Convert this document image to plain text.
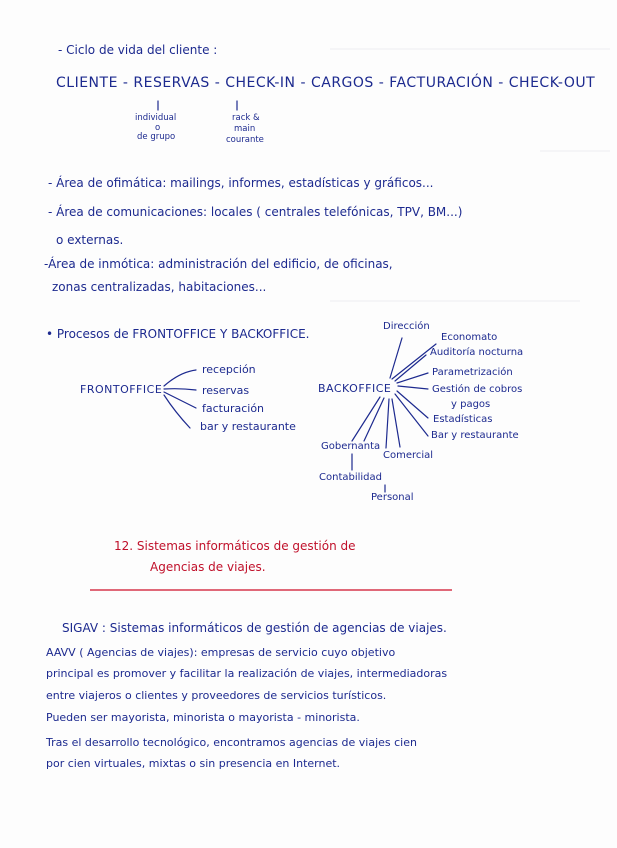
- Ciclo de vida del cliente :
CLIENTE - RESERVAS - CHECK-IN - CARGOS - FACTURACIÓN - CHECK-OUT
individual
o
de grupo
rack &
main
courante
- Área de ofimática: mailings, informes, estadísticas y gráficos...
- Área de comunicaciones: locales ( centrales telefónicas, TPV, BM...)
o externas.
-Área de inmótica: administración del edificio, de oficinas,
zonas centralizadas, habitaciones...
• Procesos de FRONTOFFICE Y BACKOFFICE.
FRONTOFFICE
recepción
reservas
facturación
bar y restaurante
BACKOFFICE
Dirección
Economato
Auditoría nocturna
Parametrización
Gestión de cobros
y pagos
Estadísticas
Bar y restaurante
Gobernanta
Comercial
Contabilidad
Personal
12. Sistemas informáticos de gestión de
Agencias de viajes.
SIGAV : Sistemas informáticos de gestión de agencias de viajes.
AAVV ( Agencias de viajes): empresas de servicio cuyo objetivo
principal es promover y facilitar la realización de viajes, intermediadoras
entre viajeros o clientes y proveedores de servicios turísticos.
Pueden ser mayorista, minorista o mayorista - minorista.
Tras el desarrollo tecnológico, encontramos agencias de viajes cien
por cien virtuales, mixtas o sin presencia en Internet.
